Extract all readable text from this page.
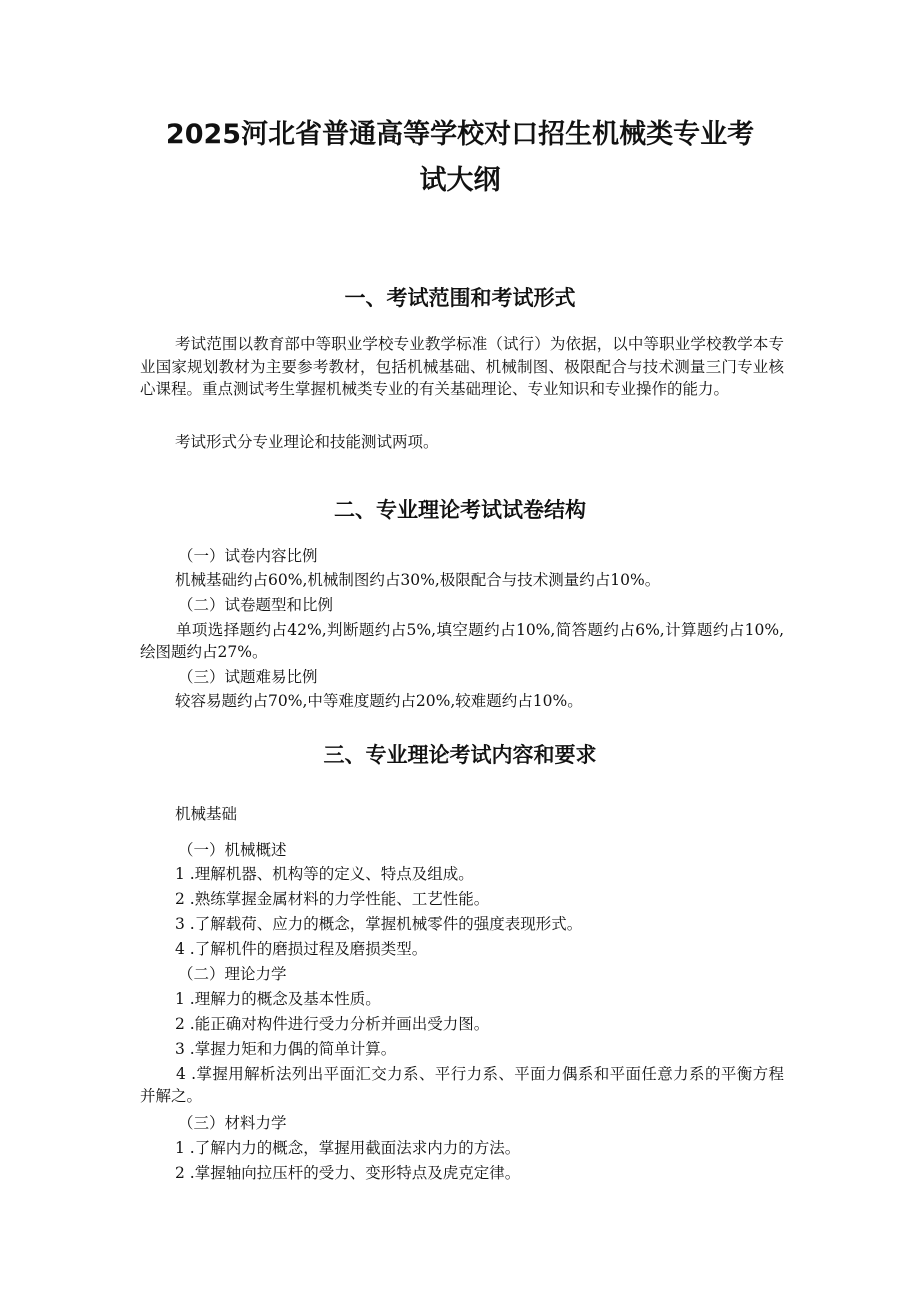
2025河北省普通高等学校对口招生机械类专业考
试大纲
一、考试范围和考试形式

考试范围以教育部中等职业学校专业教学标准（试行）为依据，以中等职业学校教学本专业国家规划教材为主要参考教材，包括机械基础、机械制图、极限配合与技术测量三门专业核心课程。重点测试考生掌握机械类专业的有关基础理论、专业知识和专业操作的能力。

考试形式分专业理论和技能测试两项。

二、专业理论考试试卷结构

（一）试卷内容比例

机械基础约占60%,机械制图约占30%,极限配合与技术测量约占10%。

（二）试卷题型和比例

单项选择题约占42%,判断题约占5%,填空题约占10%,简答题约占6%,计算题约占10%,绘图题约占27%。

（三）试题难易比例

较容易题约占70%,中等难度题约占20%,较难题约占10%。

三、专业理论考试内容和要求

机械基础

（一）机械概述

1 .理解机器、机构等的定义、特点及组成。

2 .熟练掌握金属材料的力学性能、工艺性能。

3 .了解载荷、应力的概念，掌握机械零件的强度表现形式。

4 .了解机件的磨损过程及磨损类型。

（二）理论力学

1 .理解力的概念及基本性质。

2 .能正确对构件进行受力分析并画出受力图。

3 .掌握力矩和力偶的简单计算。

4 .掌握用解析法列出平面汇交力系、平行力系、平面力偶系和平面任意力系的平衡方程并解之。

（三）材料力学

1 .了解内力的概念，掌握用截面法求内力的方法。

2 .掌握轴向拉压杆的受力、变形特点及虎克定律。
